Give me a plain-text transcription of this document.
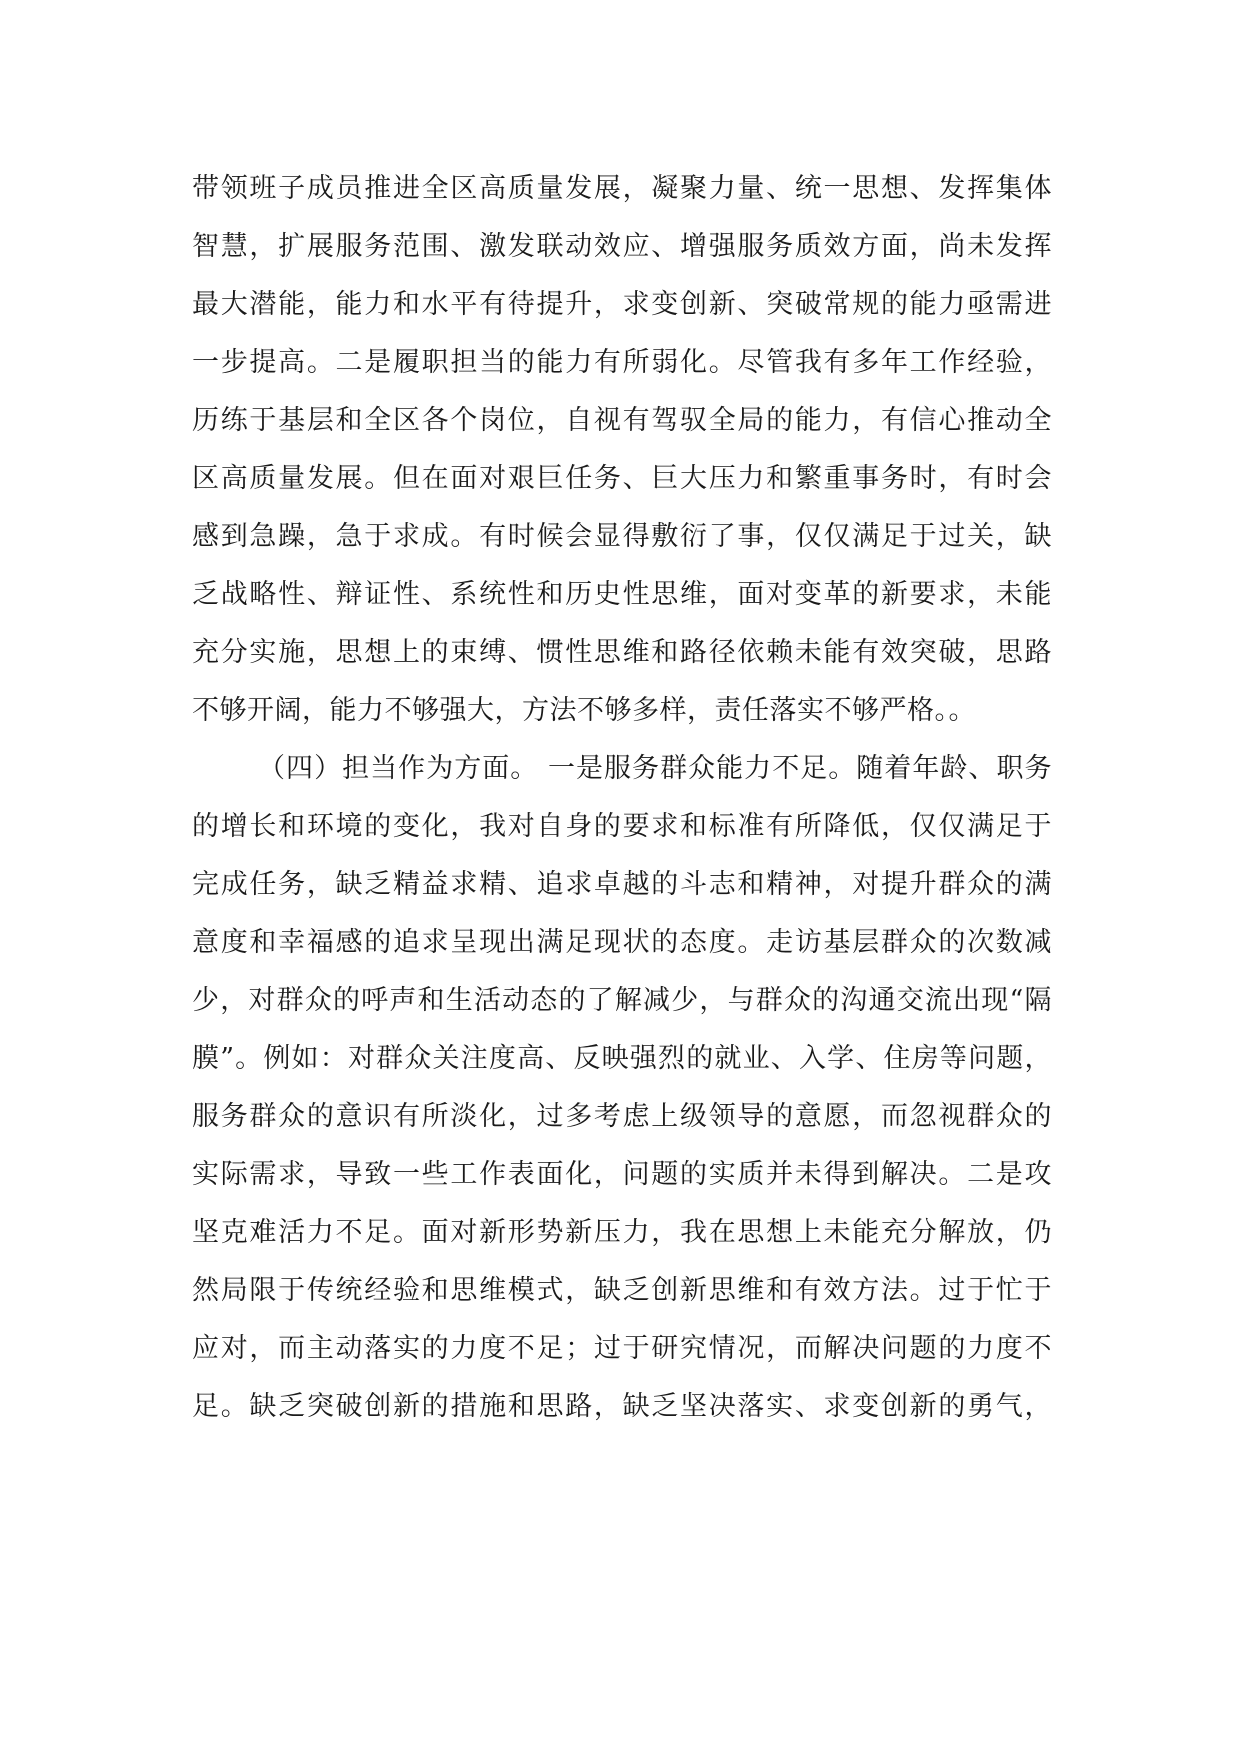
带领班子成员推进全区高质量发展，凝聚力量、统一思想、发挥集体
智慧，扩展服务范围、激发联动效应、增强服务质效方面，尚未发挥
最大潜能，能力和水平有待提升，求变创新、突破常规的能力亟需进
一步提高。二是履职担当的能力有所弱化。尽管我有多年工作经验，
历练于基层和全区各个岗位，自视有驾驭全局的能力，有信心推动全
区高质量发展。但在面对艰巨任务、巨大压力和繁重事务时，有时会
感到急躁，急于求成。有时候会显得敷衍了事，仅仅满足于过关，缺
乏战略性、辩证性、系统性和历史性思维，面对变革的新要求，未能
充分实施，思想上的束缚、惯性思维和路径依赖未能有效突破，思路
不够开阔，能力不够强大，方法不够多样，责任落实不够严格。。
（四）担当作为方面。 一是服务群众能力不足。随着年龄、职务
的增长和环境的变化，我对自身的要求和标准有所降低，仅仅满足于
完成任务，缺乏精益求精、追求卓越的斗志和精神，对提升群众的满
意度和幸福感的追求呈现出满足现状的态度。走访基层群众的次数减
少，对群众的呼声和生活动态的了解减少，与群众的沟通交流出现“隔
膜”。例如：对群众关注度高、反映强烈的就业、入学、住房等问题，
服务群众的意识有所淡化，过多考虑上级领导的意愿，而忽视群众的
实际需求，导致一些工作表面化，问题的实质并未得到解决。二是攻
坚克难活力不足。面对新形势新压力，我在思想上未能充分解放，仍
然局限于传统经验和思维模式，缺乏创新思维和有效方法。过于忙于
应对，而主动落实的力度不足；过于研究情况，而解决问题的力度不
足。缺乏突破创新的措施和思路，缺乏坚决落实、求变创新的勇气，
